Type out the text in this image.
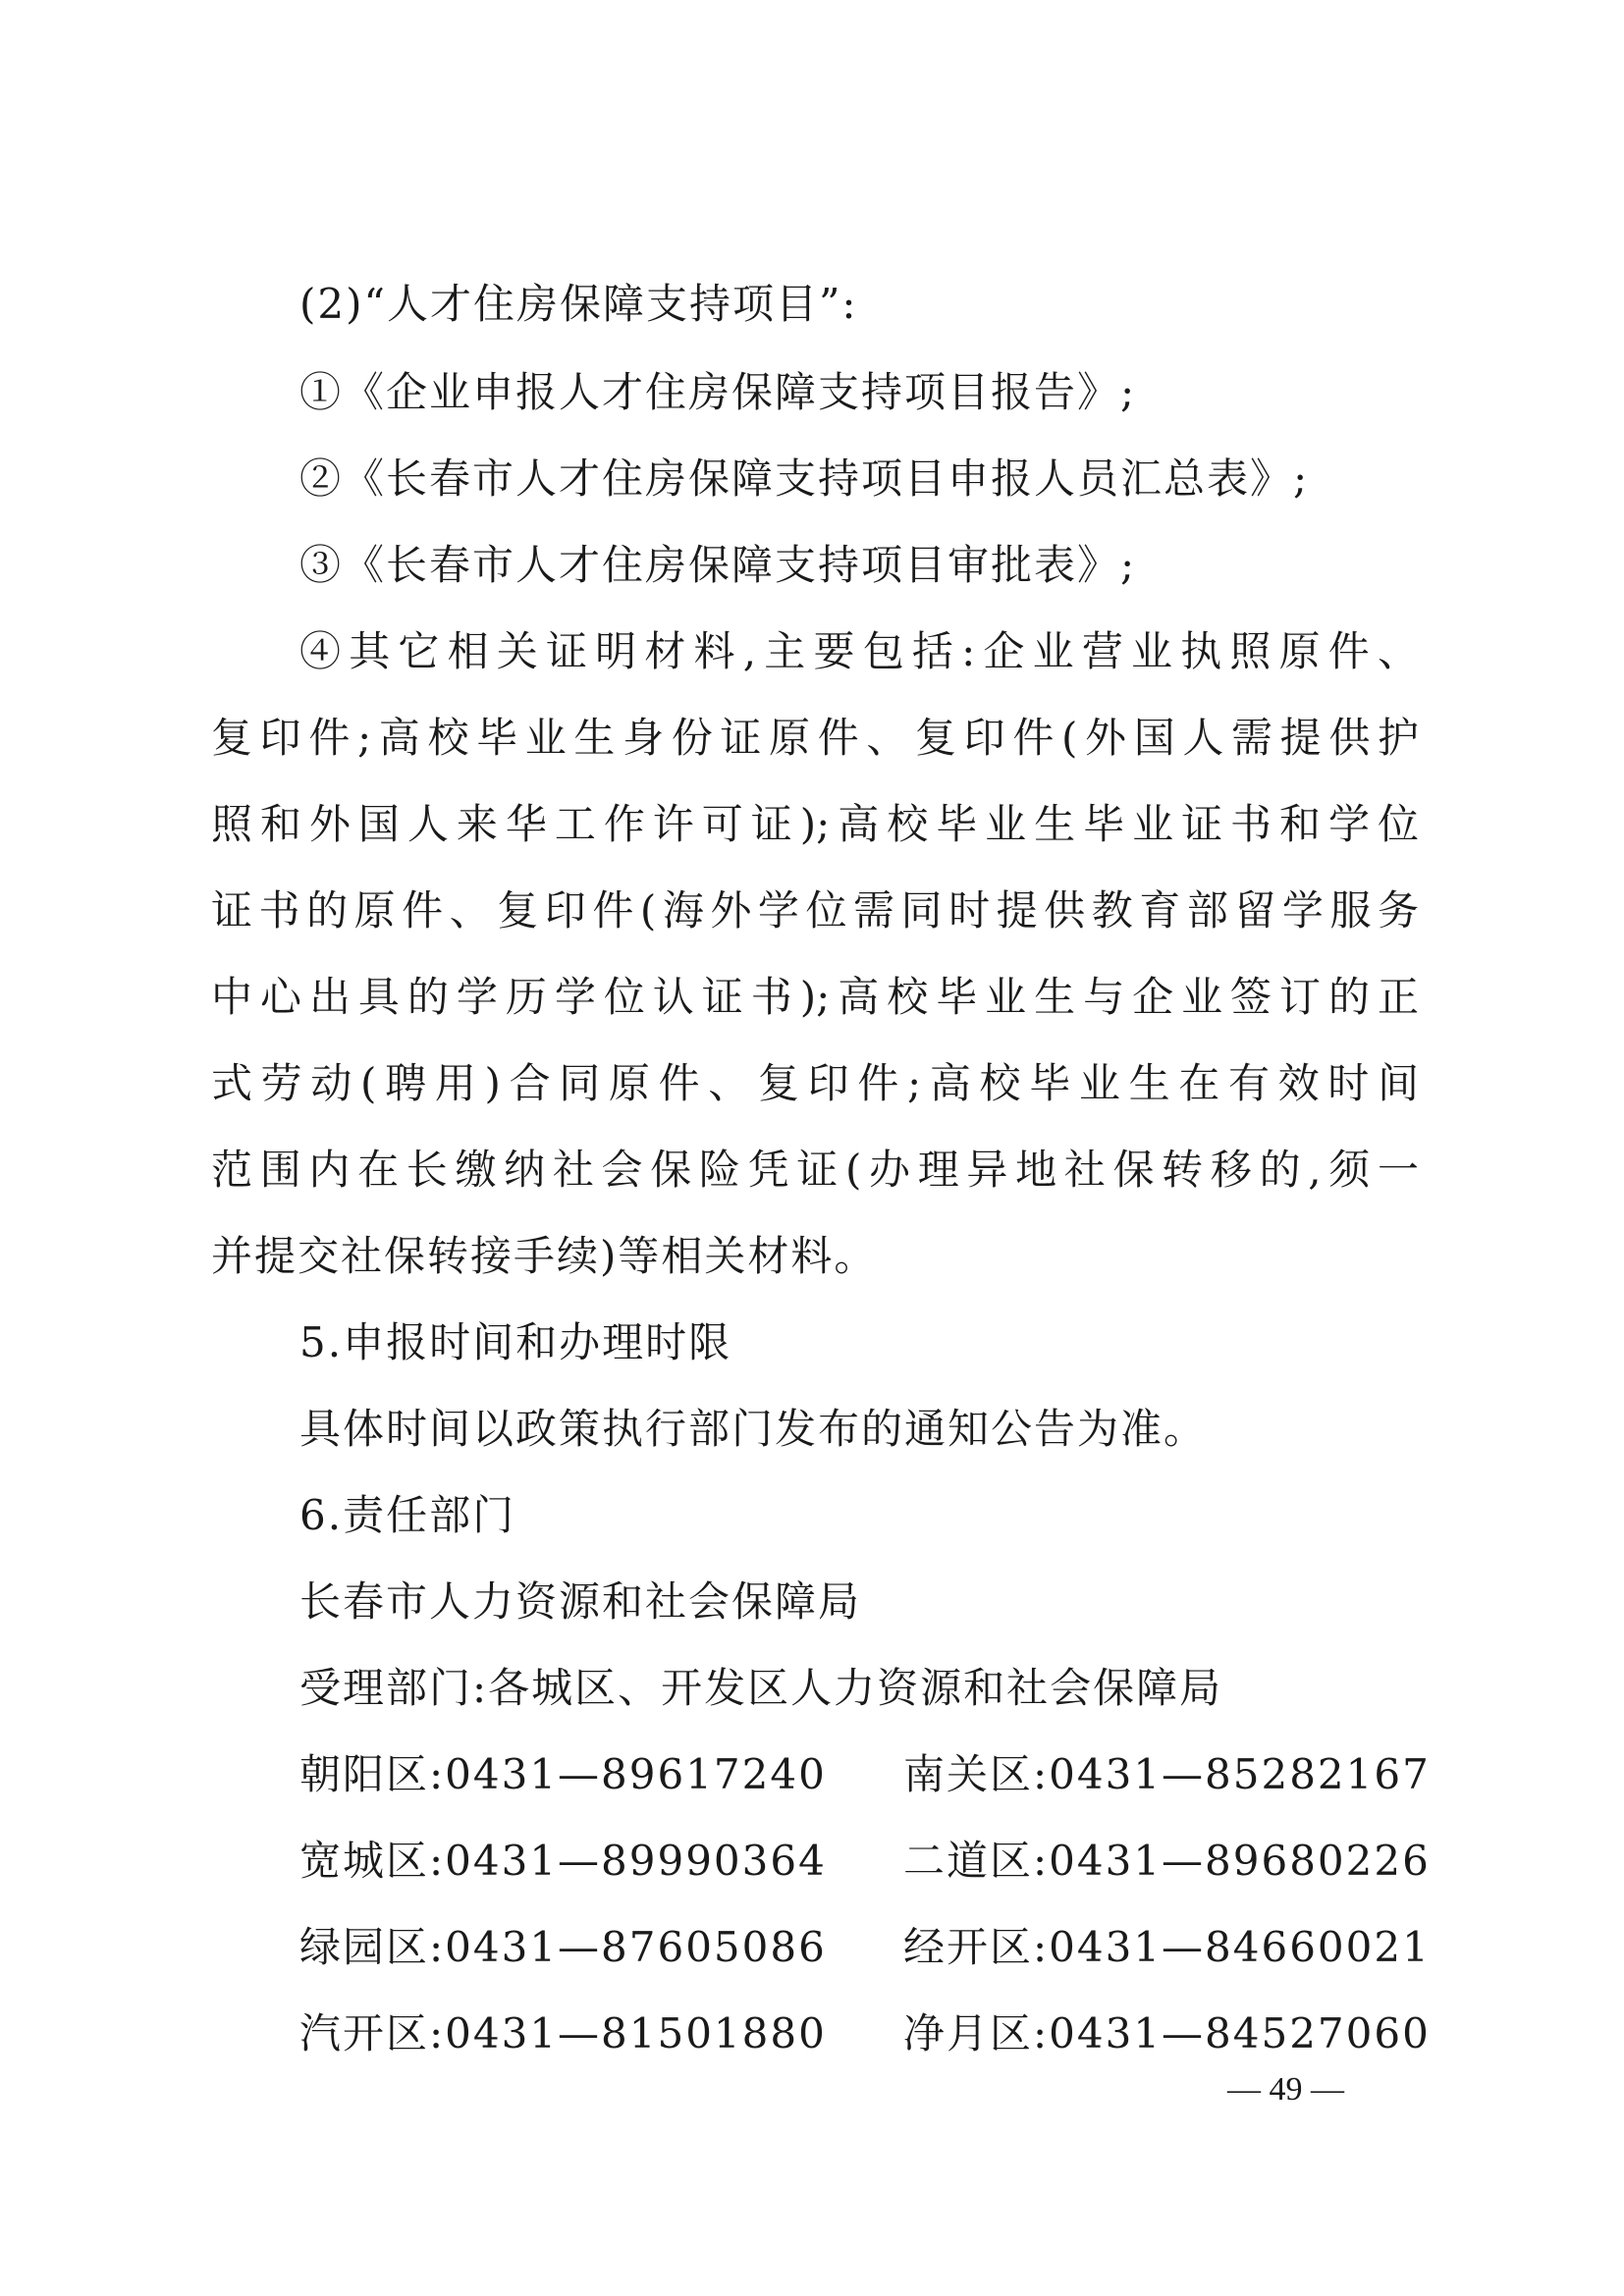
(2)“人才住房保障支持项目”:

①《企业申报人才住房保障支持项目报告》;

②《长春市人才住房保障支持项目申报人员汇总表》;

③《长春市人才住房保障支持项目审批表》;

④其它相关证明材料,主要包括:企业营业执照原件、

复印件;高校毕业生身份证原件、复印件(外国人需提供护

照和外国人来华工作许可证);高校毕业生毕业证书和学位

证书的原件、复印件(海外学位需同时提供教育部留学服务

中心出具的学历学位认证书);高校毕业生与企业签订的正

式劳动(聘用)合同原件、复印件;高校毕业生在有效时间

范围内在长缴纳社会保险凭证(办理异地社保转移的,须一

并提交社保转接手续)等相关材料。

5.申报时间和办理时限

具体时间以政策执行部门发布的通知公告为准。

6.责任部门

长春市人力资源和社会保障局

受理部门:各城区、开发区人力资源和社会保障局

朝阳区:0431—89617240 南关区:0431—85282167
宽城区:0431—89990364 二道区:0431—89680226
绿园区:0431—87605086 经开区:0431—84660021
汽开区:0431—81501880 净月区:0431—84527060
— 49 —
